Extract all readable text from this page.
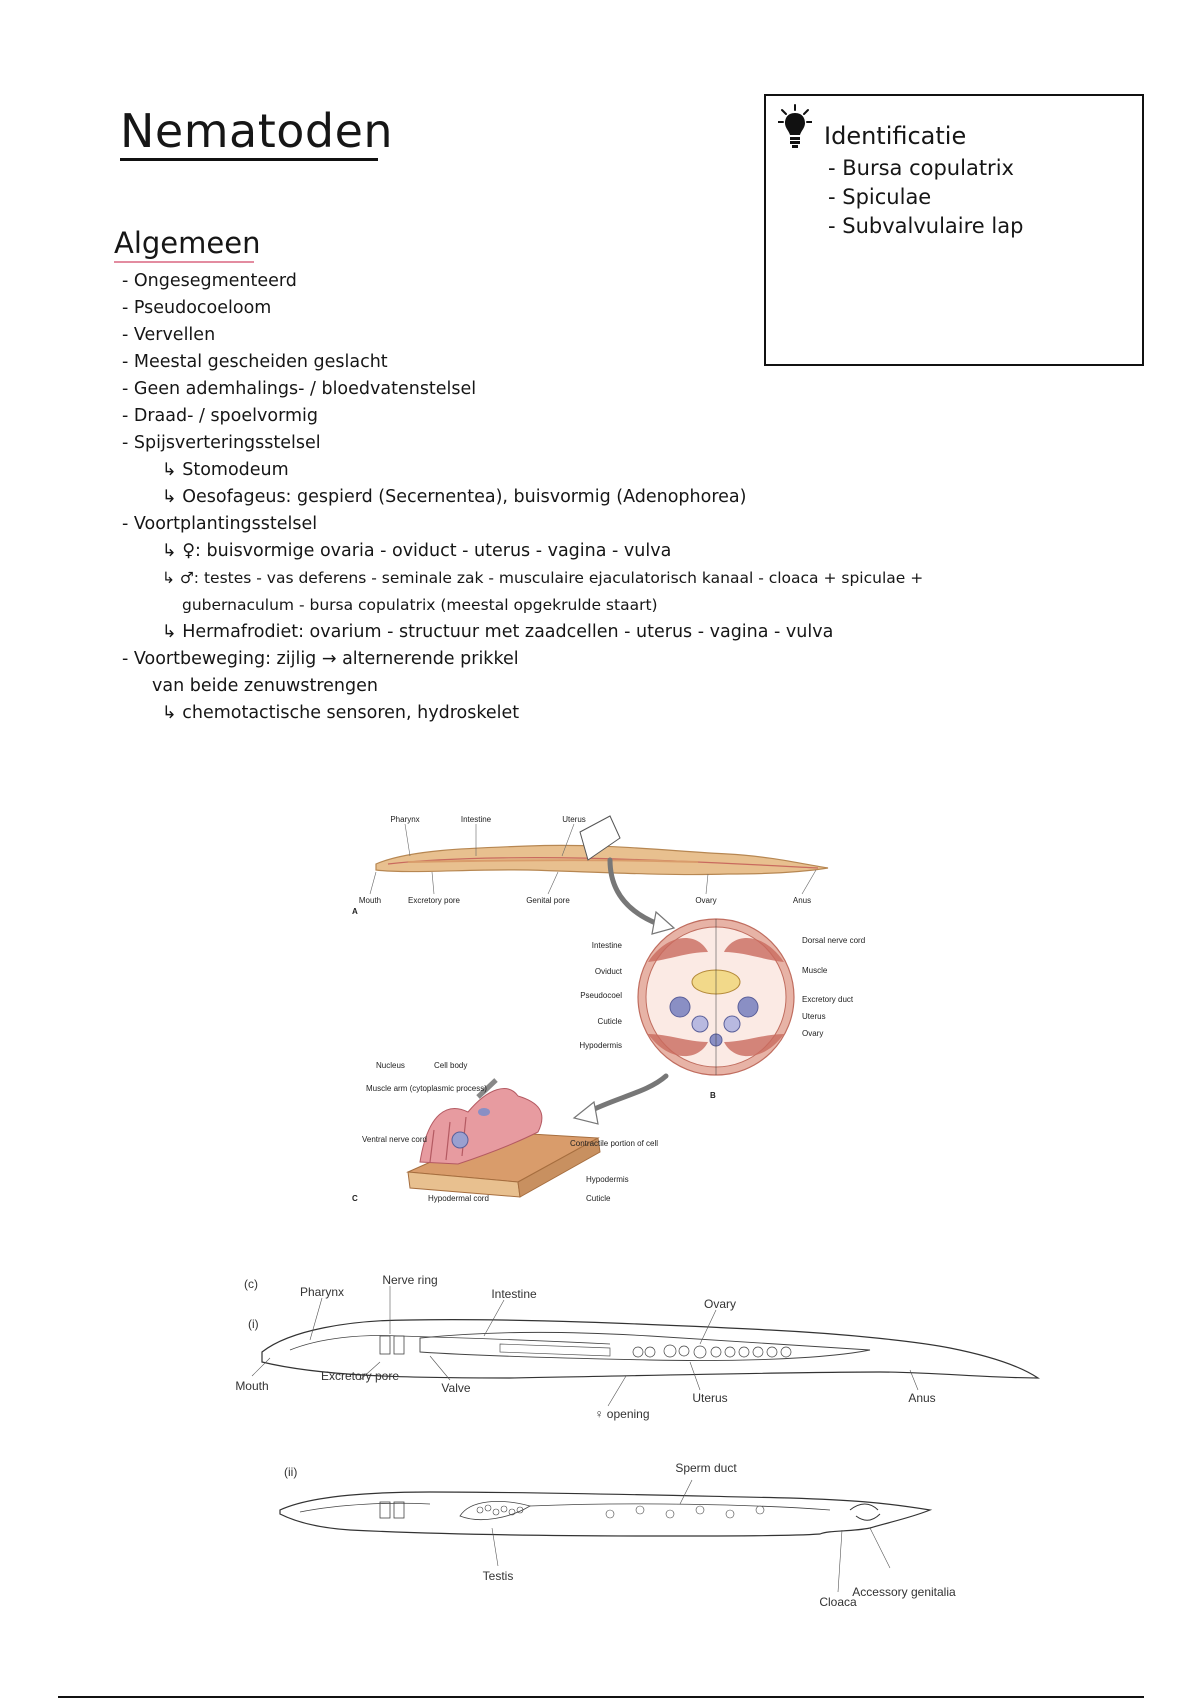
Nematoden
Algemeen
- Ongesegmenteerd
- Pseudocoeloom
- Vervellen
- Meestal gescheiden geslacht
- Geen ademhalings- / bloedvatenstelsel
- Draad- / spoelvormig
- Spijsverteringsstelsel
↳ Stomodeum
↳ Oesofageus: gespierd (Secernentea), buisvormig (Adenophorea)
- Voortplantingsstelsel
↳ ♀: buisvormige ovaria - oviduct - uterus - vagina - vulva
↳ ♂: testes - vas deferens - seminale zak - musculaire ejaculatorisch kanaal - cloaca + spiculae +
gubernaculum - bursa copulatrix (meestal opgekrulde staart)
↳ Hermafrodiet: ovarium - structuur met zaadcellen - uterus - vagina - vulva
- Voortbeweging: zijlig → alternerende prikkel
van beide zenuwstrengen
↳ chemotactische sensoren, hydroskelet
Identificatie
- Bursa copulatrix
- Spiculae
- Subvalvulaire lap
Pharynx	Intestine	Uterus
Mouth	Excretory pore	Genital pore	Ovary	Anus
A
Intestine
Oviduct
Pseudocoel
Cuticle
Hypodermis
Dorsal nerve cord
Muscle
Excretory duct
Uterus
Ovary
B
Nucleus	Cell body
Muscle arm (cytoplasmic process)
Ventral nerve cord	Contractile portion of cell
Hypodermis
Cuticle
Hypodermal cord
C
(c)
(i)
Pharynx
Nerve ring
Intestine
Ovary
Mouth
Excretory pore
Valve
♀ opening
Uterus	Anus
(ii)	Sperm duct
Testis
Cloaca
Accessory genitalia
